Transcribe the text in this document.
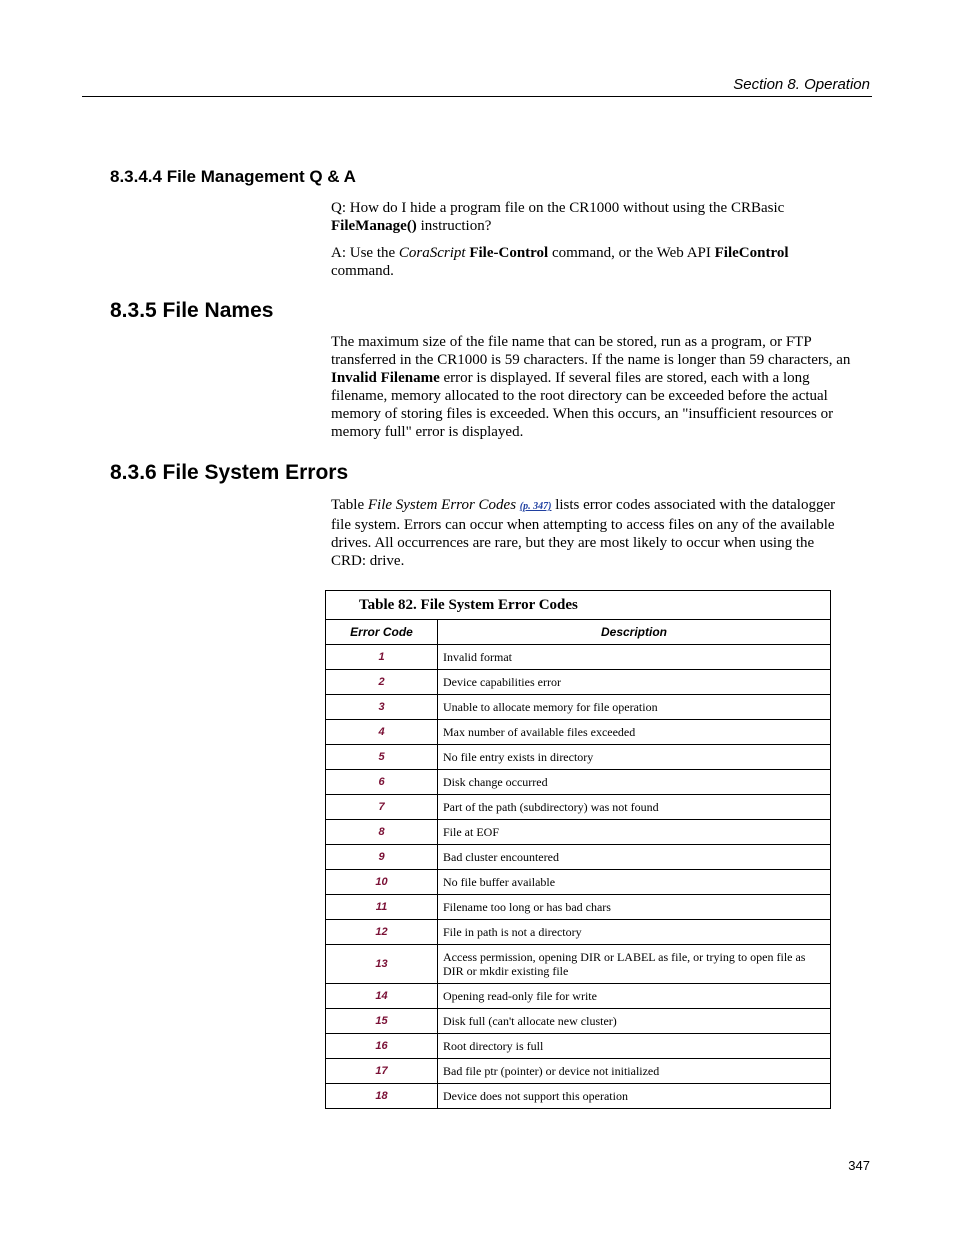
Section 8. Operation
8.3.4.4 File Management Q & A

Q: How do I hide a program file on the CR1000 without using the CRBasic FileManage() instruction?

A: Use the CoraScript File-Control command, or the Web API FileControl command.

8.3.5 File Names

The maximum size of the file name that can be stored, run as a program, or FTP transferred in the CR1000 is 59 characters. If the name is longer than 59 characters, an Invalid Filename error is displayed. If several files are stored, each with a long filename, memory allocated to the root directory can be exceeded before the actual memory of storing files is exceeded. When this occurs, an "insufficient resources or memory full" error is displayed.

8.3.6 File System Errors

Table File System Error Codes (p. 347) lists error codes associated with the datalogger file system. Errors can occur when attempting to access files on any of the available drives. All occurrences are rare, but they are most likely to occur when using the CRD: drive.

Table 82. File System Error Codes	
Error Code	Description
1	Invalid format
2	Device capabilities error
3	Unable to allocate memory for file operation
4	Max number of available files exceeded
5	No file entry exists in directory
6	Disk change occurred
7	Part of the path (subdirectory) was not found
8	File at EOF
9	Bad cluster encountered
10	No file buffer available
11	Filename too long or has bad chars
12	File in path is not a directory
13	Access permission, opening DIR or LABEL as file, or trying to open file as DIR or mkdir existing file
14	Opening read-only file for write
15	Disk full (can't allocate new cluster)
16	Root directory is full
17	Bad file ptr (pointer) or device not initialized
18	Device does not support this operation
347
